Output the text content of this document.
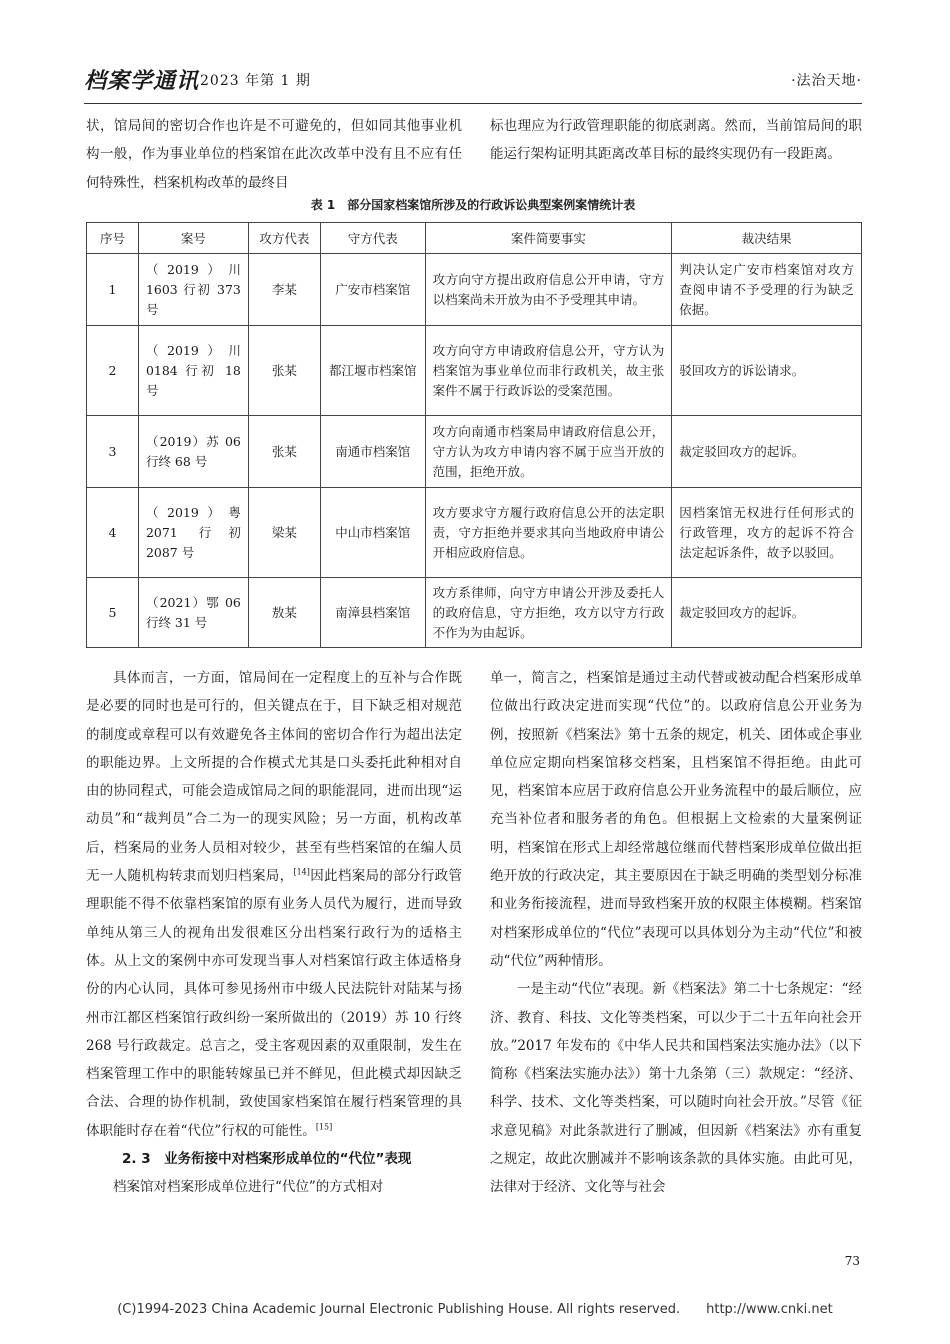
档案学通讯 2023 年第 1 期	·法治天地·

状，馆局间的密切合作也许是不可避免的，但如同其他事业机构一般，作为事业单位的档案馆在此次改革中没有且不应有任何特殊性，档案机构改革的最终目

标也理应为行政管理职能的彻底剥离。然而，当前馆局间的职能运行架构证明其距离改革目标的最终实现仍有一段距离。

表 1　部分国家档案馆所涉及的行政诉讼典型案例案情统计表
序号	案号	攻方代表	守方代表	案件简要事实	裁决结果
1	（2019）川 1603 行初 373 号	李某	广安市档案馆	攻方向守方提出政府信息公开申请，守方以档案尚未开放为由不予受理其申请。	判决认定广安市档案馆对攻方查阅申请不予受理的行为缺乏依据。
2	（2019）川 0184 行初 18 号	张某	都江堰市档案馆	攻方向守方申请政府信息公开，守方认为档案馆为事业单位而非行政机关，故主张案件不属于行政诉讼的受案范围。	驳回攻方的诉讼请求。
3	（2019）苏 06 行终 68 号	张某	南通市档案馆	攻方向南通市档案局申请政府信息公开，守方认为攻方申请内容不属于应当开放的范围，拒绝开放。	裁定驳回攻方的起诉。
4	（2019）粤 2071 行初 2087 号	梁某	中山市档案馆	攻方要求守方履行政府信息公开的法定职责，守方拒绝并要求其向当地政府申请公开相应政府信息。	因档案馆无权进行任何形式的行政管理，攻方的起诉不符合法定起诉条件，故予以驳回。
5	（2021）鄂 06 行终 31 号	敖某	南漳县档案馆	攻方系律师，向守方申请公开涉及委托人的政府信息，守方拒绝，攻方以守方行政不作为为由起诉。	裁定驳回攻方的起诉。

具体而言，一方面，馆局间在一定程度上的互补与合作既是必要的同时也是可行的，但关键点在于，目下缺乏相对规范的制度或章程可以有效避免各主体间的密切合作行为超出法定的职能边界。上文所提的合作模式尤其是口头委托此种相对自由的协同程式，可能会造成馆局之间的职能混同，进而出现“运动员”和“裁判员”合二为一的现实风险；另一方面，机构改革后，档案局的业务人员相对较少，甚至有些档案馆的在编人员无一人随机构转隶而划归档案局，[14]因此档案局的部分行政管理职能不得不依靠档案馆的原有业务人员代为履行，进而导致单纯从第三人的视角出发很难区分出档案行政行为的适格主体。从上文的案例中亦可发现当事人对档案馆行政主体适格身份的内心认同，具体可参见扬州市中级人民法院针对陆某与扬州市江都区档案馆行政纠纷一案所做出的（2019）苏 10 行终 268 号行政裁定。总言之，受主客观因素的双重限制，发生在档案管理工作中的职能转嫁虽已并不鲜见，但此模式却因缺乏合法、合理的协作机制，致使国家档案馆在履行档案管理的具体职能时存在着“代位”行权的可能性。[15]

2. 3　业务衔接中对档案形成单位的“代位”表现

档案馆对档案形成单位进行“代位”的方式相对

单一，简言之，档案馆是通过主动代替或被动配合档案形成单位做出行政决定进而实现“代位”的。以政府信息公开业务为例，按照新《档案法》第十五条的规定，机关、团体或企事业单位应定期向档案馆移交档案，且档案馆不得拒绝。由此可见，档案馆本应居于政府信息公开业务流程中的最后顺位，应充当补位者和服务者的角色。但根据上文检索的大量案例证明，档案馆在形式上却经常越位继而代替档案形成单位做出拒绝开放的行政决定，其主要原因在于缺乏明确的类型划分标准和业务衔接流程，进而导致档案开放的权限主体模糊。档案馆对档案形成单位的“代位”表现可以具体划分为主动“代位”和被动“代位”两种情形。

一是主动“代位”表现。新《档案法》第二十七条规定：“经济、教育、科技、文化等类档案，可以少于二十五年向社会开放。”2017 年发布的《中华人民共和国档案法实施办法》（以下简称《档案法实施办法》）第十九条第（三）款规定：“经济、科学、技术、文化等类档案，可以随时向社会开放。”尽管《征求意见稿》对此条款进行了删减，但因新《档案法》亦有重复之规定，故此次删减并不影响该条款的具体实施。由此可见，法律对于经济、文化等与社会

73
(C)1994-2023 China Academic Journal Electronic Publishing House. All rights reserved.　　http://www.cnki.net
